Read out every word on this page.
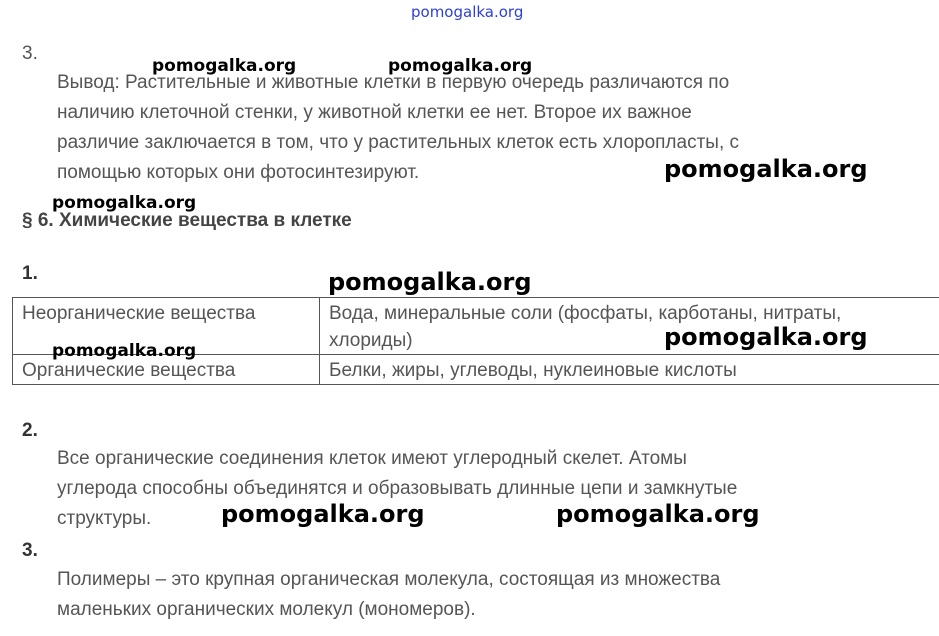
pomogalka.org
3.
Вывод: Растительные и животные клетки в первую очередь различаются по
наличию клеточной стенки, у животной клетки ее нет. Второе их важное
различие заключается в том, что у растительных клеток есть хлоропласты, с
помощью которых они фотосинтезируют.
§ 6. Химические вещества в клетке
1.
Неорганические вещества	Вода, минеральные соли (фосфаты, карботаны, нитраты, хлориды)
Органические вещества	Белки, жиры, углеводы, нуклеиновые кислоты
2.
Все органические соединения клеток имеют углеродный скелет. Атомы
углерода способны объединятся и образовывать длинные цепи и замкнутые
структуры.
3.
Полимеры – это крупная органическая молекула, состоящая из множества
маленьких органических молекул (мономеров).
pomogalka.org	pomogalka.org
pomogalka.org
pomogalka.org
pomogalka.org
pomogalka.org
pomogalka.org
pomogalka.org	pomogalka.org
